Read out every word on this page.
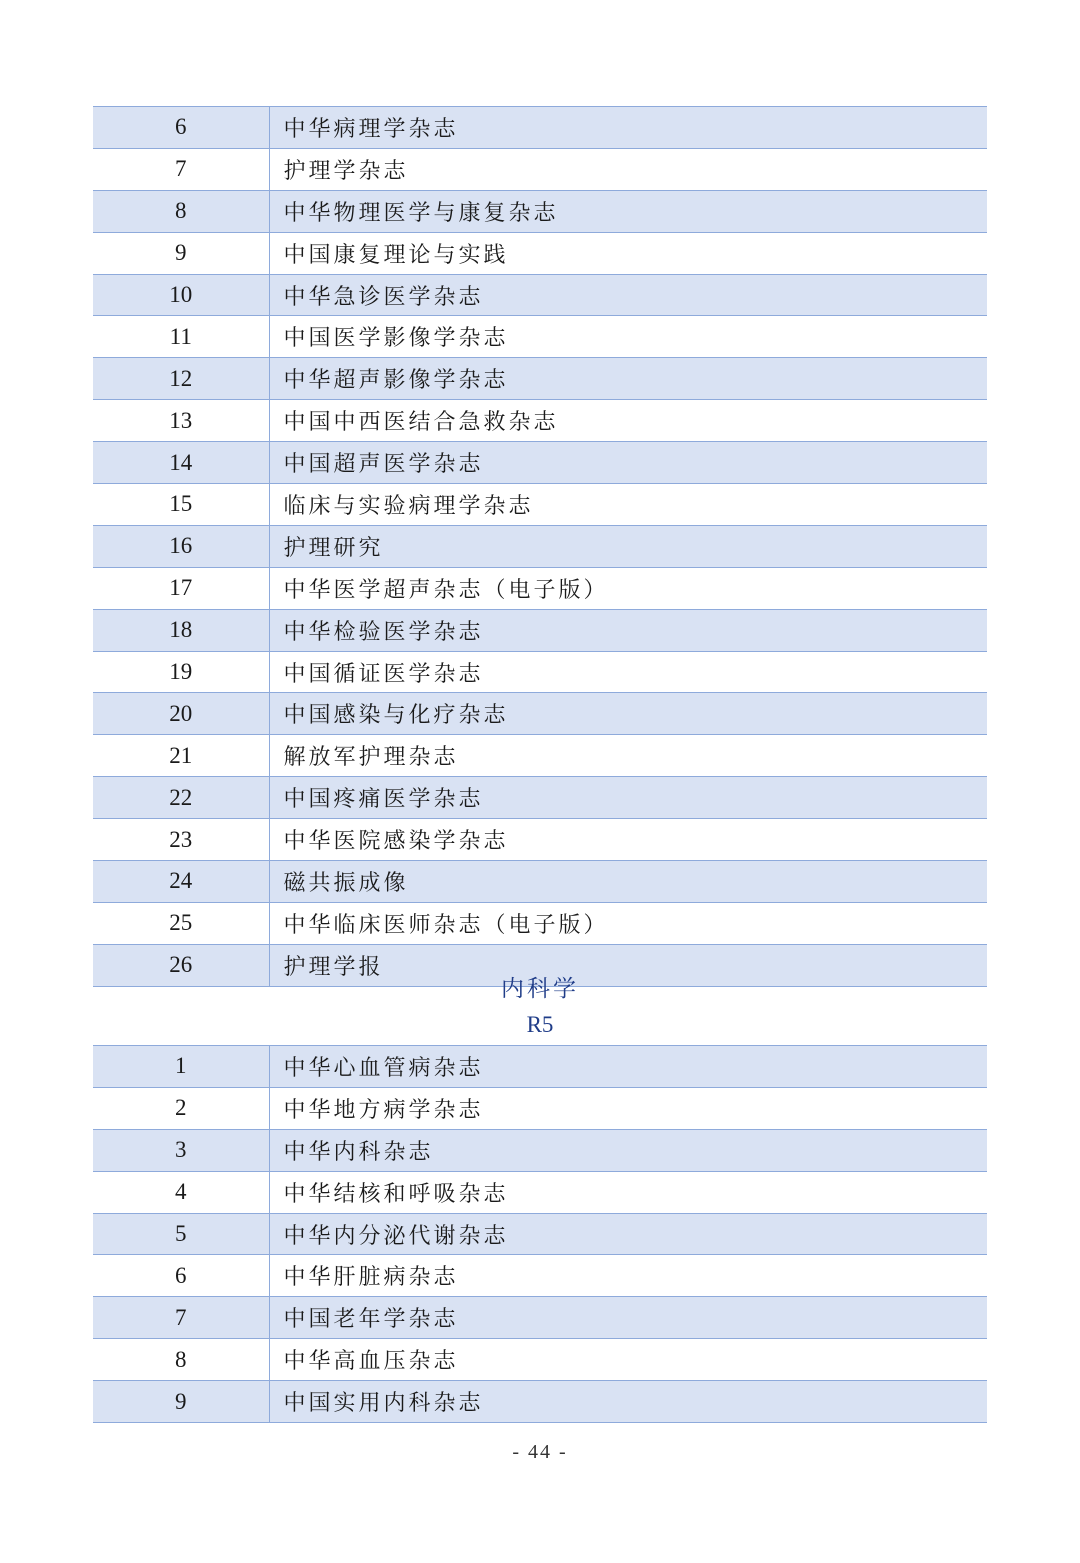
6	中华病理学杂志
7	护理学杂志
8	中华物理医学与康复杂志
9	中国康复理论与实践
10	中华急诊医学杂志
11	中国医学影像学杂志
12	中华超声影像学杂志
13	中国中西医结合急救杂志
14	中国超声医学杂志
15	临床与实验病理学杂志
16	护理研究
17	中华医学超声杂志（电子版）
18	中华检验医学杂志
19	中国循证医学杂志
20	中国感染与化疗杂志
21	解放军护理杂志
22	中国疼痛医学杂志
23	中华医院感染学杂志
24	磁共振成像
25	中华临床医师杂志（电子版）
26	护理学报
内科学
R5
1	中华心血管病杂志
2	中华地方病学杂志
3	中华内科杂志
4	中华结核和呼吸杂志
5	中华内分泌代谢杂志
6	中华肝脏病杂志
7	中国老年学杂志
8	中华高血压杂志
9	中国实用内科杂志
- 44 -
